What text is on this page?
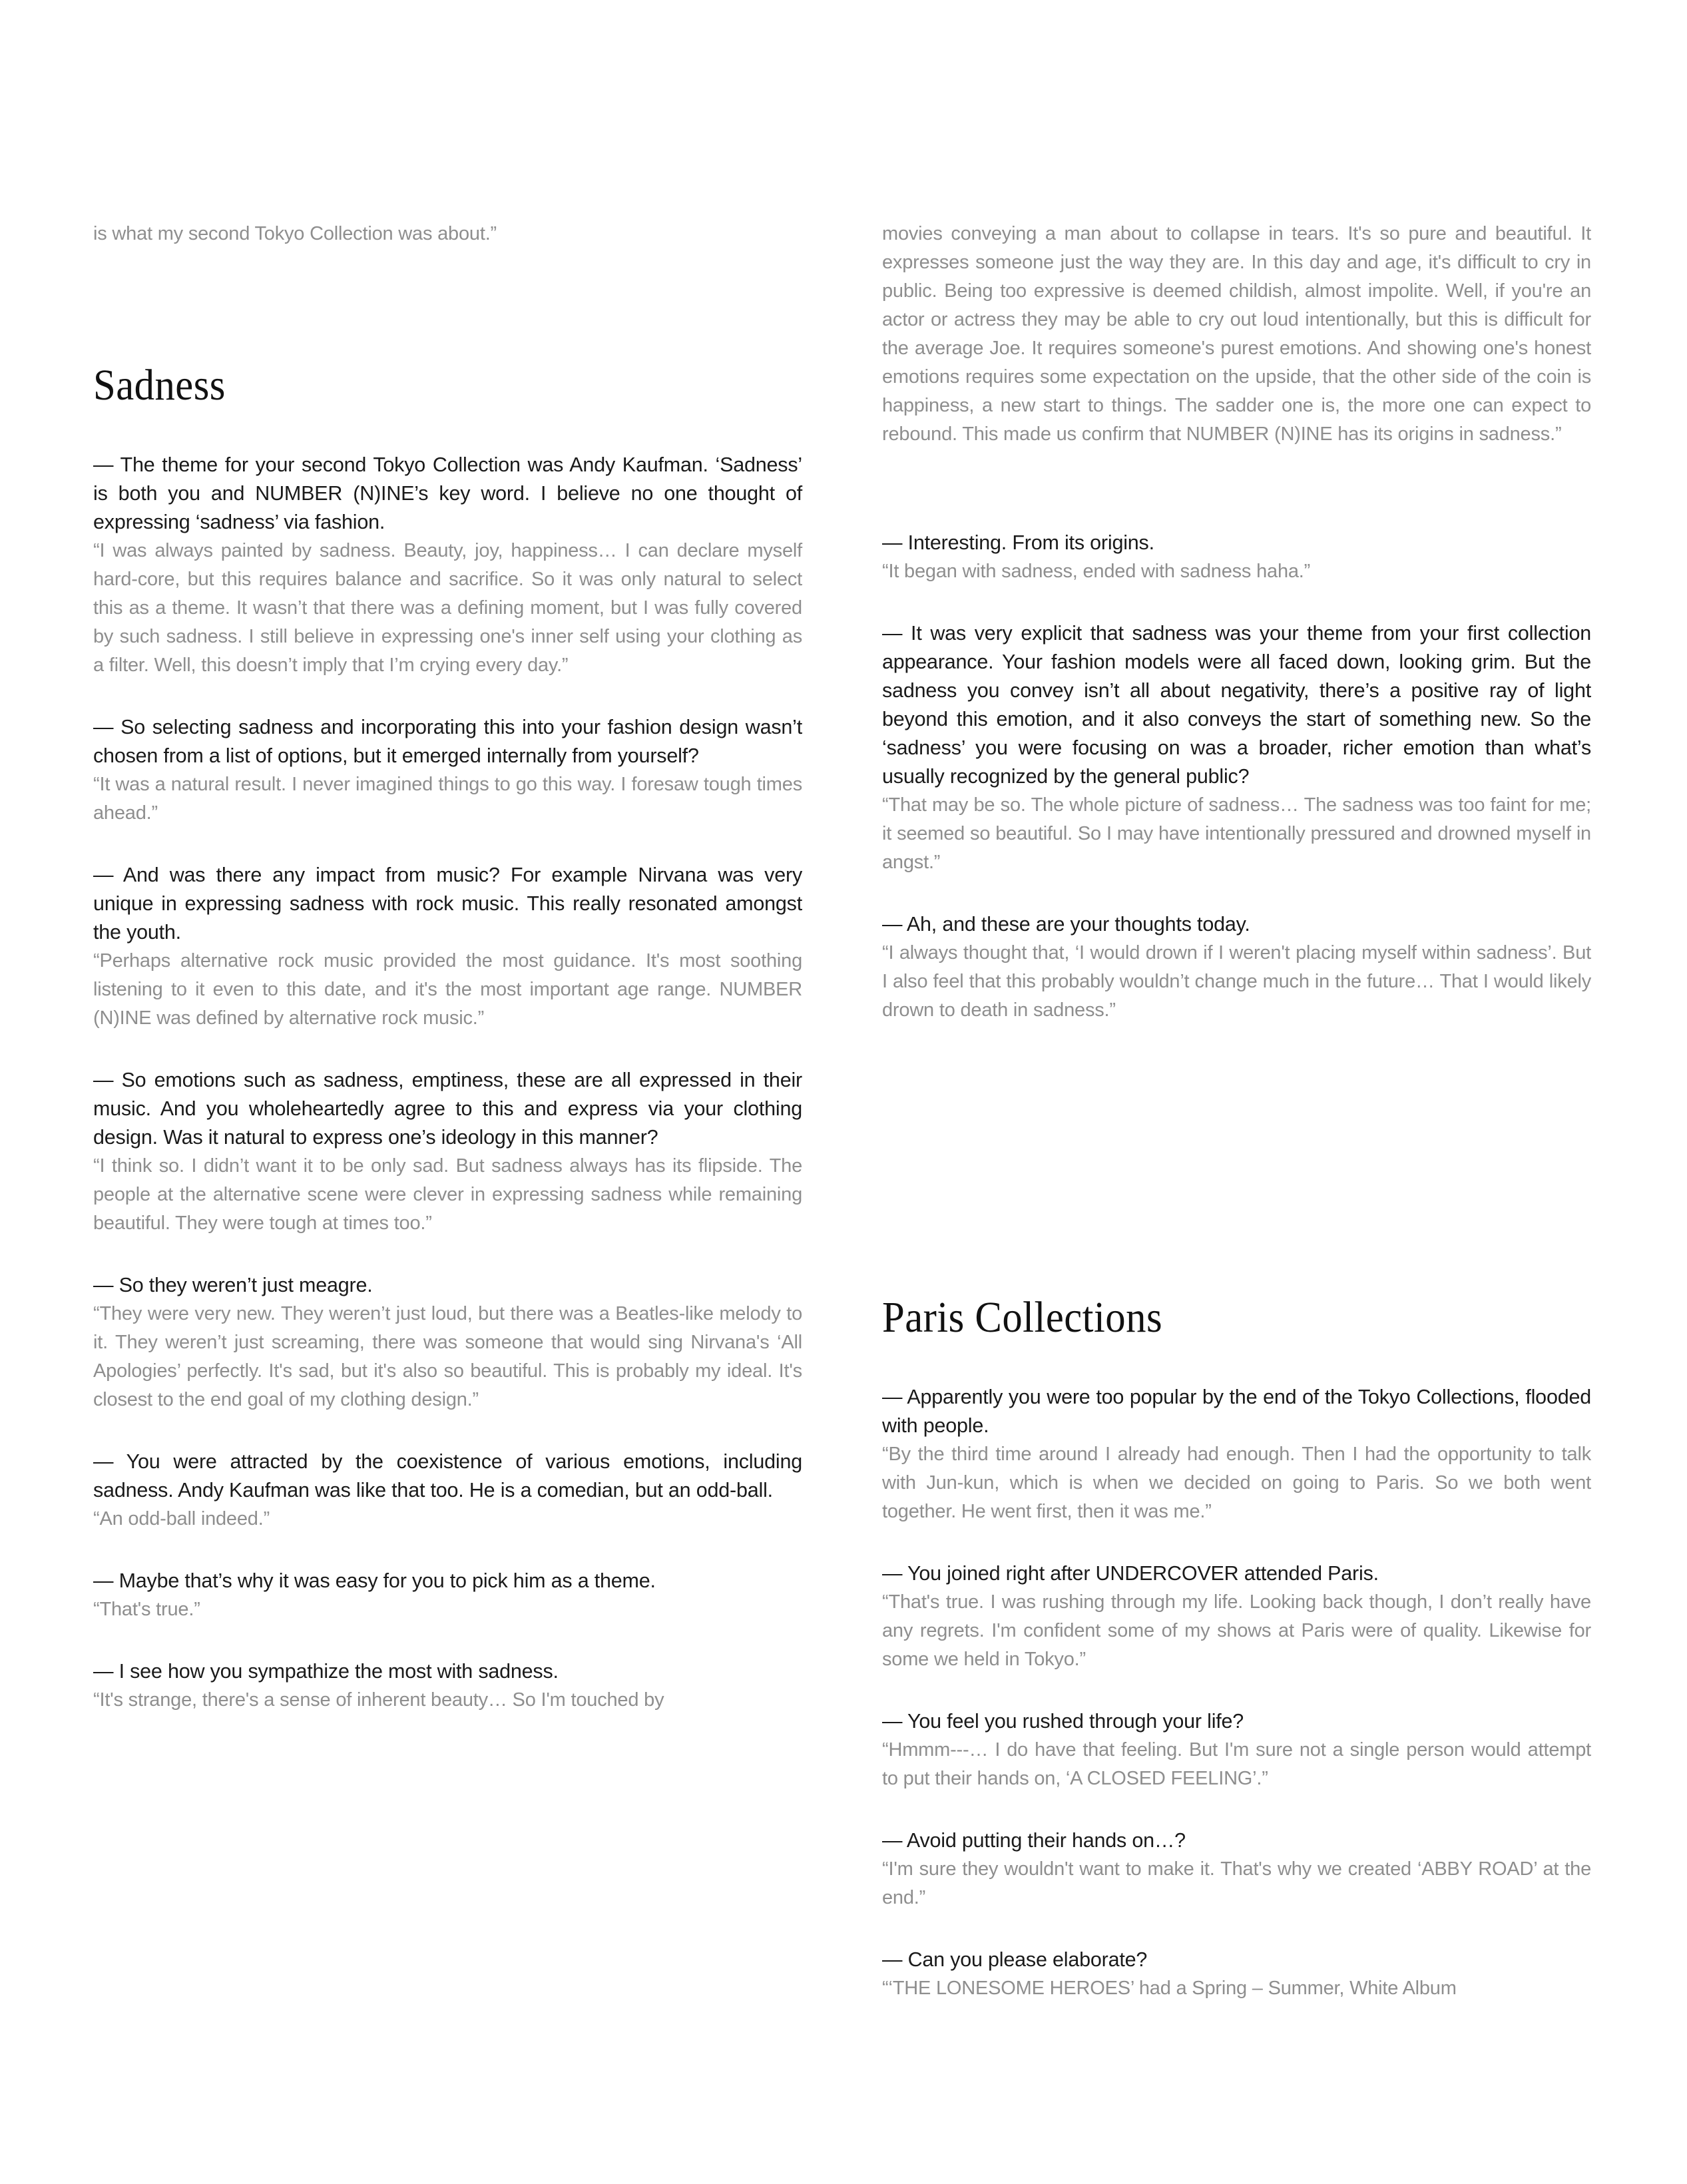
is what my second Tokyo Collection was about.”

Sadness

— The theme for your second Tokyo Collection was Andy Kaufman. ‘Sadness’ is both you and NUMBER (N)INE’s key word. I believe no one thought of expressing ‘sadness’ via fashion.

“I was always painted by sadness. Beauty, joy, happiness… I can declare myself hard-core, but this requires balance and sacrifice. So it was only natural to select this as a theme. It wasn’t that there was a defining moment, but I was fully covered by such sadness. I still believe in expressing one's inner self using your clothing as a filter. Well, this doesn’t imply that I’m crying every day.”

— So selecting sadness and incorporating this into your fashion design wasn’t chosen from a list of options, but it emerged internally from yourself?

“It was a natural result. I never imagined things to go this way. I foresaw tough times ahead.”

— And was there any impact from music? For example Nirvana was very unique in expressing sadness with rock music. This really resonated amongst the youth.

“Perhaps alternative rock music provided the most guidance. It's most soothing listening to it even to this date, and it's the most important age range. NUMBER (N)INE was defined by alternative rock music.”

— So emotions such as sadness, emptiness, these are all expressed in their music. And you wholeheartedly agree to this and express via your clothing design. Was it natural to express one’s ideology in this manner?

“I think so. I didn’t want it to be only sad. But sadness always has its flipside. The people at the alternative scene were clever in expressing sadness while remaining beautiful. They were tough at times too.”

— So they weren’t just meagre.

“They were very new. They weren’t just loud, but there was a Beatles-like melody to it. They weren’t just screaming, there was someone that would sing Nirvana's ‘All Apologies’ perfectly. It's sad, but it's also so beautiful. This is probably my ideal. It's closest to the end goal of my clothing design.”

— You were attracted by the coexistence of various emotions, including sadness. Andy Kaufman was like that too. He is a comedian, but an odd-ball.

“An odd-ball indeed.”

— Maybe that’s why it was easy for you to pick him as a theme.

“That's true.”

— I see how you sympathize the most with sadness.

“It's strange, there's a sense of inherent beauty… So I'm touched by

movies conveying a man about to collapse in tears. It's so pure and beautiful. It expresses someone just the way they are. In this day and age, it's difficult to cry in public. Being too expressive is deemed childish, almost impolite. Well, if you're an actor or actress they may be able to cry out loud intentionally, but this is difficult for the average Joe. It requires someone's purest emotions. And showing one's honest emotions requires some expectation on the upside, that the other side of the coin is happiness, a new start to things. The sadder one is, the more one can expect to rebound. This made us confirm that NUMBER (N)INE has its origins in sadness.”

— Interesting. From its origins.

“It began with sadness, ended with sadness haha.”

— It was very explicit that sadness was your theme from your first collection appearance. Your fashion models were all faced down, looking grim. But the sadness you convey isn’t all about negativity, there’s a positive ray of light beyond this emotion, and it also conveys the start of something new. So the ‘sadness’ you were focusing on was a broader, richer emotion than what’s usually recognized by the general public?

“That may be so. The whole picture of sadness… The sadness was too faint for me; it seemed so beautiful. So I may have intentionally pressured and drowned myself in angst.”

— Ah, and these are your thoughts today.

“I always thought that, ‘I would drown if I weren't placing myself within sadness’. But I also feel that this probably wouldn’t change much in the future… That I would likely drown to death in sadness.”

Paris Collections

— Apparently you were too popular by the end of the Tokyo Collections, flooded with people.

“By the third time around I already had enough. Then I had the opportunity to talk with Jun-kun, which is when we decided on going to Paris. So we both went together. He went first, then it was me.”

— You joined right after UNDERCOVER attended Paris.

“That's true. I was rushing through my life. Looking back though, I don’t really have any regrets. I'm confident some of my shows at Paris were of quality. Likewise for some we held in Tokyo.”

— You feel you rushed through your life?

“Hmmm---… I do have that feeling. But I'm sure not a single person would attempt to put their hands on, ‘A CLOSED FEELING’.”

— Avoid putting their hands on…?

“I'm sure they wouldn't want to make it. That's why we created ‘ABBY ROAD’ at the end.”

— Can you please elaborate?

“‘THE LONESOME HEROES’ had a Spring – Summer, White Album
